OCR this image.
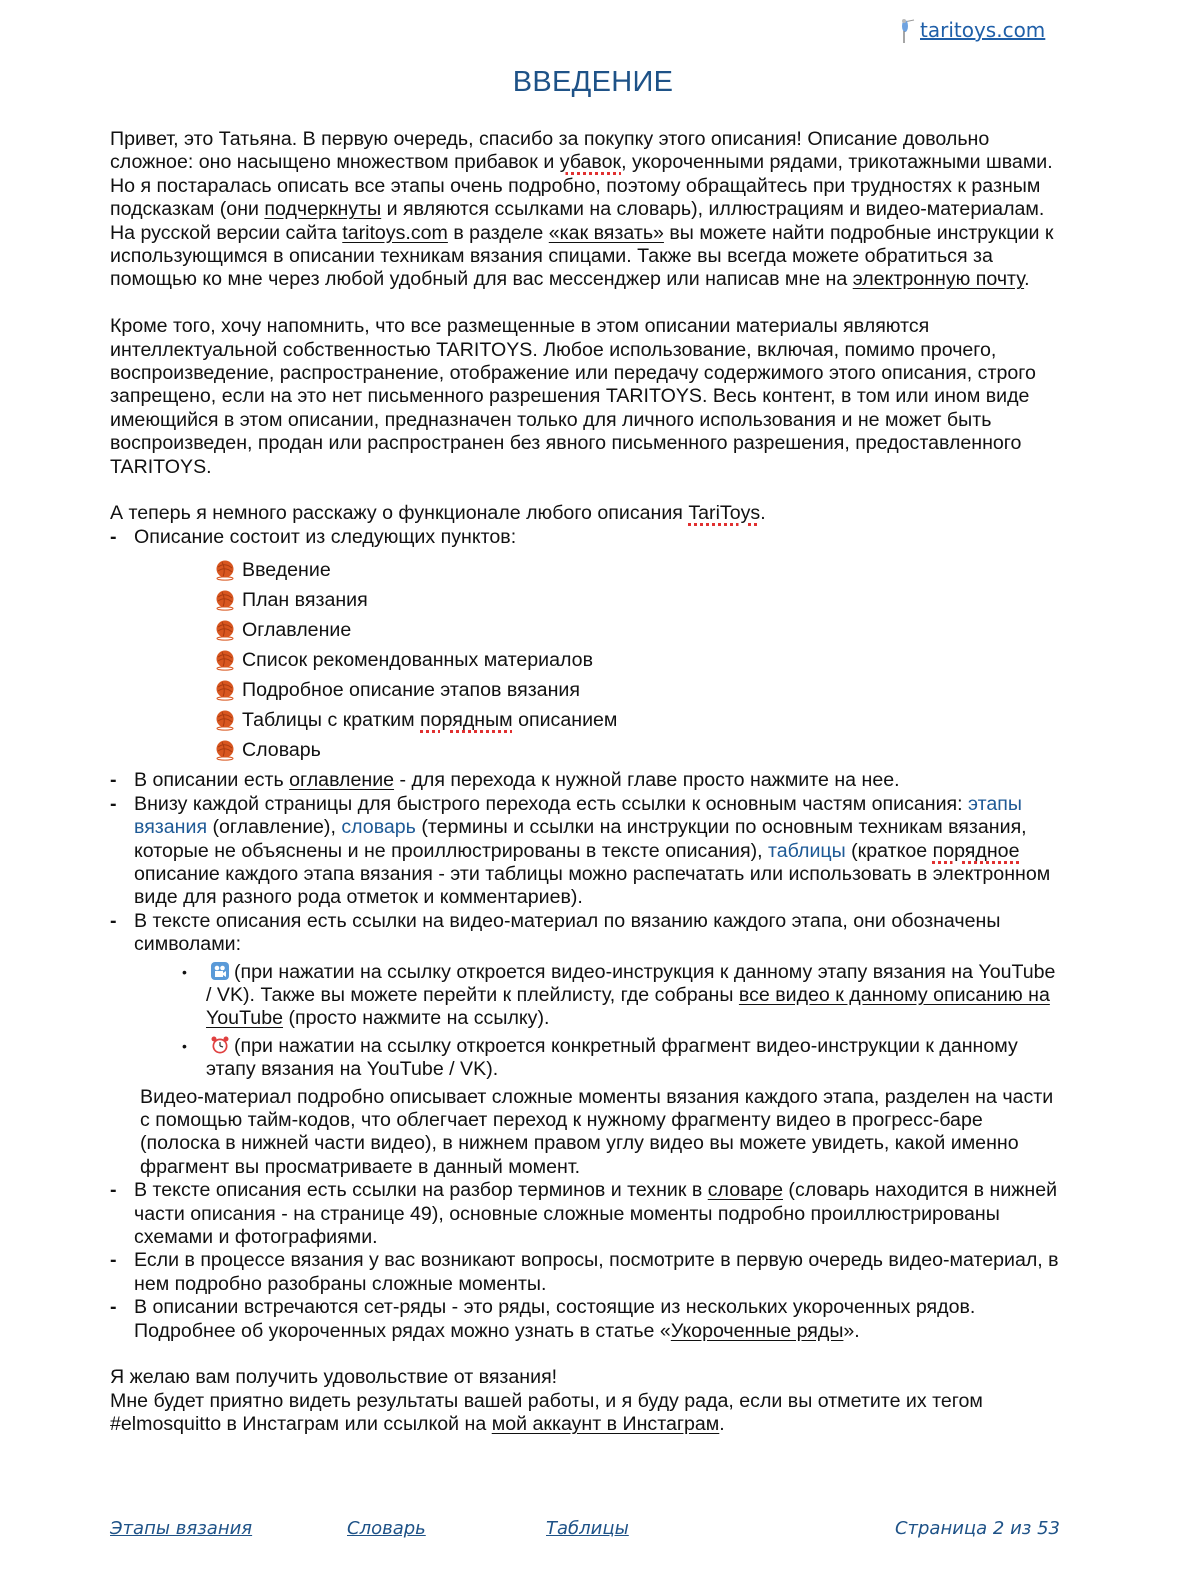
taritoys.com
ВВЕДЕНИЕ

Привет, это Татьяна. В первую очередь, спасибо за покупку этого описания! Описание довольно сложное: оно насыщено множеством прибавок и убавок, укороченными рядами, трикотажными швами. Но я постаралась описать все этапы очень подробно, поэтому обращайтесь при трудностях к разным подсказкам (они подчеркнуты и являются ссылками на словарь), иллюстрациям и видео-материалам. На русской версии сайта taritoys.com в разделе «как вязать» вы можете найти подробные инструкции к использующимся в описании техникам вязания спицами. Также вы всегда можете обратиться за помощью ко мне через любой удобный для вас мессенджер или написав мне на электронную почту.

Кроме того, хочу напомнить, что все размещенные в этом описании материалы являются интеллектуальной собственностью TARITOYS. Любое использование, включая, помимо прочего, воспроизведение, распространение, отображение или передачу содержимого этого описания, строго запрещено, если на это нет письменного разрешения TARITOYS. Весь контент, в том или ином виде имеющийся в этом описании, предназначен только для личного использования и не может быть воспроизведен, продан или распространен без явного письменного разрешения, предоставленного TARITOYS.

А теперь я немного расскажу о функционале любого описания TariToys.

- Описание состоит из следующих пунктов:
Введение
План вязания
Оглавление
Список рекомендованных материалов
Подробное описание этапов вязания
Таблицы с кратким порядным описанием
Словарь
- В описании есть оглавление - для перехода к нужной главе просто нажмите на нее.
- Внизу каждой страницы для быстрого перехода есть ссылки к основным частям описания: этапы вязания (оглавление), словарь (термины и ссылки на инструкции по основным техникам вязания, которые не объяснены и не проиллюстрированы в тексте описания), таблицы (краткое порядное описание каждого этапа вязания - эти таблицы можно распечатать или использовать в электронном виде для разного рода отметок и комментариев).
- В тексте описания есть ссылки на видео-материал по вязанию каждого этапа, они обозначены символами:
• (при нажатии на ссылку откроется видео-инструкция к данному этапу вязания на YouTube / VK). Также вы можете перейти к плейлисту, где собраны все видео к данному описанию на YouTube (просто нажмите на ссылку).
• (при нажатии на ссылку откроется конкретный фрагмент видео-инструкции к данному этапу вязания на YouTube / VK).

Видео-материал подробно описывает сложные моменты вязания каждого этапа, разделен на части с помощью тайм-кодов, что облегчает переход к нужному фрагменту видео в прогресс-баре (полоска в нижней части видео), в нижнем правом углу видео вы можете увидеть, какой именно фрагмент вы просматриваете в данный момент.

- В тексте описания есть ссылки на разбор терминов и техник в словаре (словарь находится в нижней части описания - на странице 49), основные сложные моменты подробно проиллюстрированы схемами и фотографиями.
- Если в процессе вязания у вас возникают вопросы, посмотрите в первую очередь видео-материал, в нем подробно разобраны сложные моменты.
- В описании встречаются сет-ряды - это ряды, состоящие из нескольких укороченных рядов. Подробнее об укороченных рядах можно узнать в статье «Укороченные ряды».

Я желаю вам получить удовольствие от вязания!

Мне будет приятно видеть результаты вашей работы, и я буду рада, если вы отметите их тегом #elmosquitto в Инстаграм или ссылкой на мой аккаунт в Инстаграм.

Этапы вязания	Словарь	Таблицы	Страница 2 из 53
